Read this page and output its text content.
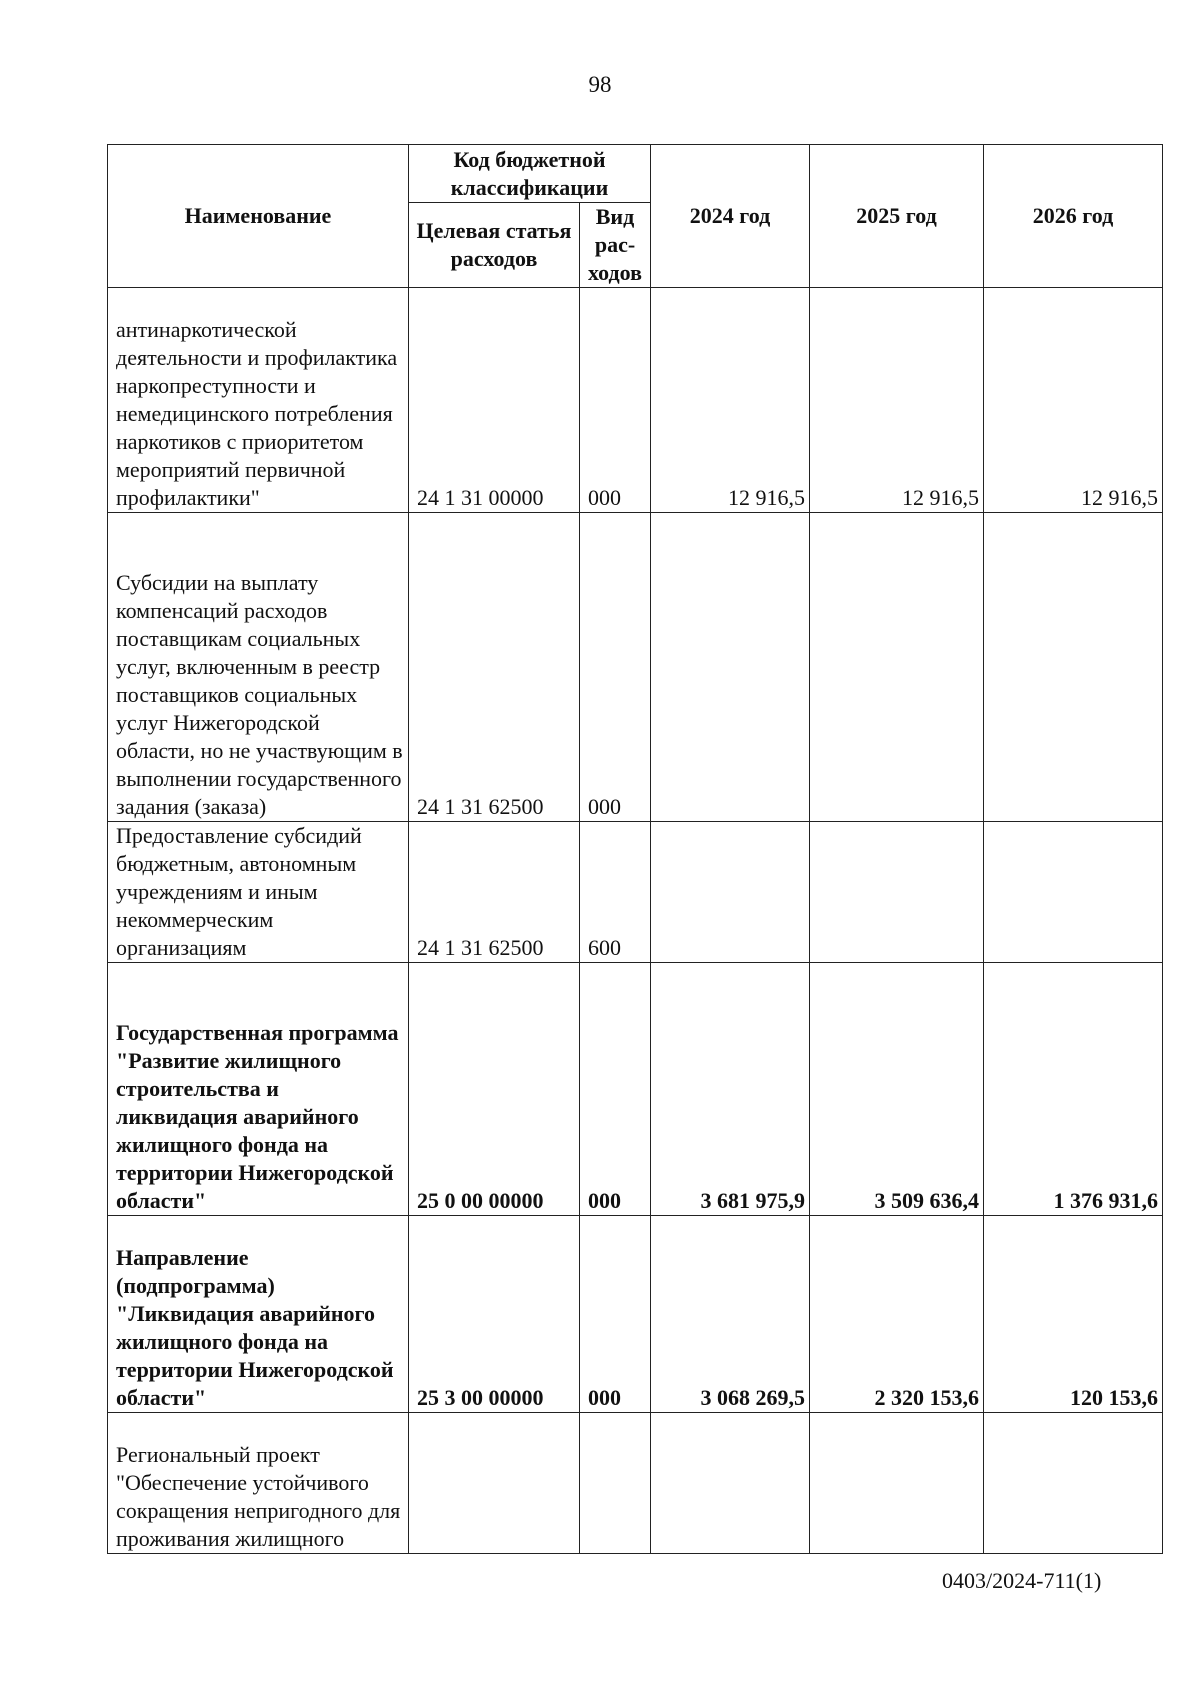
98
Наименование	Код бюджетной классификации		2024 год	2025 год	2026 год
	Целевая статья расходов	Вид рас-ходов			
антинаркотической деятельности и профилактика наркопреступности и немедицинского потребления наркотиков с приоритетом мероприятий первичной профилактики"	24 1 31 00000	000	12 916,5	12 916,5	12 916,5
Субсидии на выплату компенсаций расходов поставщикам социальных услуг, включенным в реестр поставщиков социальных услуг Нижегородской области, но не участвующим в выполнении государственного задания (заказа)	24 1 31 62500	000			
Предоставление субсидий бюджетным, автономным учреждениям и иным некоммерческим организациям	24 1 31 62500	600			
Государственная программа "Развитие жилищного строительства и ликвидация аварийного жилищного фонда на территории Нижегородской области"	25 0 00 00000	000	3 681 975,9	3 509 636,4	1 376 931,6
Направление (подпрограмма) "Ликвидация аварийного жилищного фонда на территории Нижегородской области"	25 3 00 00000	000	3 068 269,5	2 320 153,6	120 153,6
Региональный проект "Обеспечение устойчивого сокращения непригодного для проживания жилищного					
0403/2024-711(1)
